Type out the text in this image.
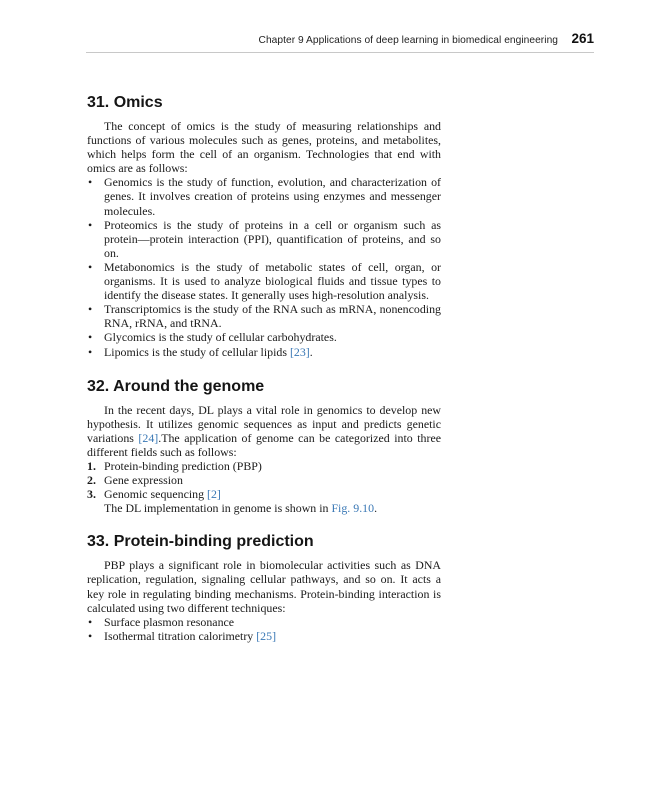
Chapter 9 Applications of deep learning in biomedical engineering 261
31. Omics

The concept of omics is the study of measuring relationships and functions of various molecules such as genes, proteins, and metabolites, which helps form the cell of an organism. Technologies that end with omics are as follows:

• Genomics is the study of function, evolution, and characterization of genes. It involves creation of proteins using enzymes and messenger molecules.
• Proteomics is the study of proteins in a cell or organism such as protein—protein interaction (PPI), quantification of proteins, and so on.
• Metabonomics is the study of metabolic states of cell, organ, or organisms. It is used to analyze biological fluids and tissue types to identify the disease states. It generally uses high-resolution analysis.
• Transcriptomics is the study of the RNA such as mRNA, nonencoding RNA, rRNA, and tRNA.
• Glycomics is the study of cellular carbohydrates.
• Lipomics is the study of cellular lipids [23].
32. Around the genome

In the recent days, DL plays a vital role in genomics to develop new hypothesis. It utilizes genomic sequences as input and predicts genetic variations [24].The application of genome can be categorized into three different fields such as follows:

1. Protein-binding prediction (PBP)
2. Gene expression
3. Genomic sequencing [2]

The DL implementation in genome is shown in Fig. 9.10.

33. Protein-binding prediction

PBP plays a significant role in biomolecular activities such as DNA replication, regulation, signaling cellular pathways, and so on. It acts a key role in regulating binding mechanisms. Protein-binding interaction is calculated using two different techniques:

• Surface plasmon resonance
• Isothermal titration calorimetry [25]
